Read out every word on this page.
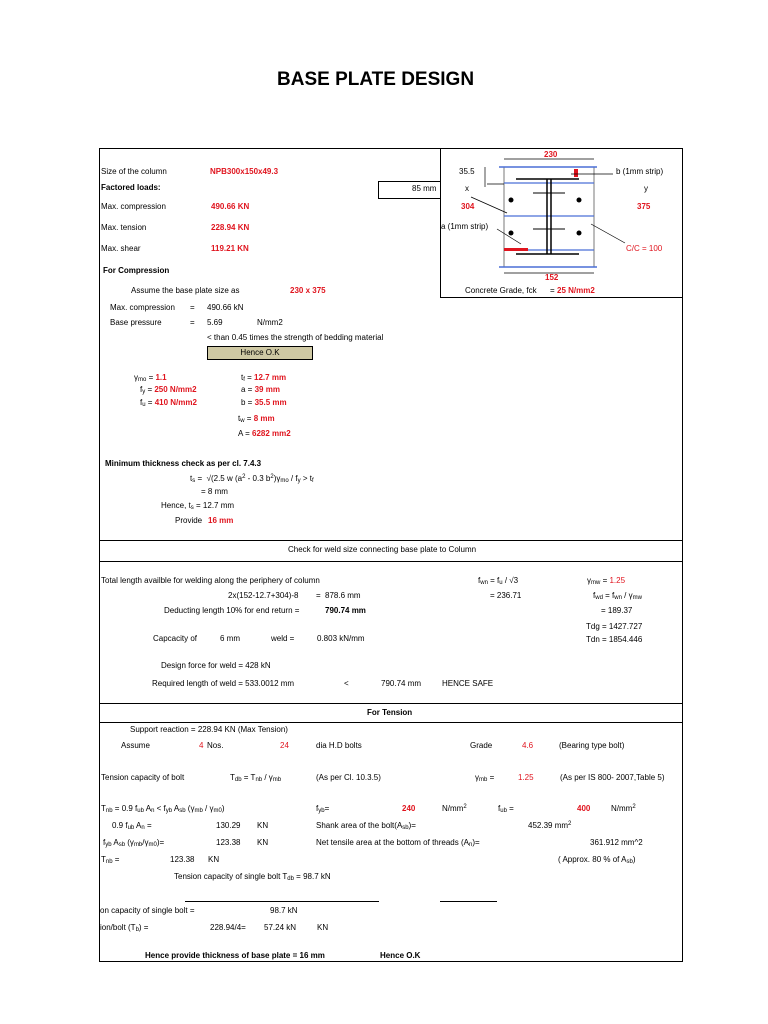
BASE PLATE DESIGN
Size of the column	NPB300x150x49.3
Factored loads:	85 mm
Max. compression	490.66 KN
Max. tension	228.94 KN
Max. shear	119.21 KN
230
35.5	b (1mm strip)
x	y
304	375
a (1mm strip)
C/C = 100
152
Concrete Grade, fck = 25 N/mm2
For Compression
Assume the base plate size as	230 x 375
Max. compression = 490.66 kN
Base pressure	= 5.69	N/mm2
< than 0.45 times the strength of bedding material
Hence O.K
$\gamma_{mo} = 1.1$
$f_y = 250$ N/mm2
$f_u = 410$ N/mm2
$t_f = 12.7$ mm
a = 39 mm
b = 35.5 mm
$t_w = 8$ mm
A = 6282 mm2
Minimum thickness check as per cl. 7.4.3
$t_s = √(2.5$ w ($a^2 - 0.3$ $b^2)\gamma_{mo} / f_y > t_f$
= 8 mm
Hence, $t_s = 12.7$ mm
Provide 16 mm
Check for weld size connecting base plate to Column
Total length availble for welding along the periphery of column
2x(152-12.7+304)-8 = 878.6 mm
Deducting length 10% for end return =	790.74 mm
Capcacity of	6 mm	weld =	0.803 kN/mm
$f_{wn} = f_u / √3$
= 236.71
$\gamma_{mw} = 1.25$
$f_{wd} = f_{wn} / \gamma_{mw}$
= 189.37
Tdg = 1427.727
Tdn = 1854.446
Design force for weld = 428 kN
Required length of weld = 533.0012 mm	<	790.74 mm	HENCE SAFE
For Tension
Support reaction = 228.94 KN (Max Tension)
Assume	4 Nos.	24	dia H.D bolts	Grade	4.6	(Bearing type bolt)
Tension capacity of bolt	$T_{db} = T_{nb} / \gamma_{mb}$	(As per Cl. 10.3.5)	$\gamma_{mb}$ =	1.25	(As per IS 800- 2007,Table 5)
$T_{nb} = 0.9$ $f_{ub}$ $A_n < f_{yb}$ $A_{sb}$ $(\gamma_{mb} / \gamma_{m0})$	$f_{yb}=$	240	$N/mm^2$	$f_{ub}$ =	400	$N/mm^2$
0.9 $f_{ub}$ $A_n$ =	130.29 KN	Shank area of the $bolt(A_{sb})=$	452.39 $mm^2$
$f_{yb}$ $A_{sb}$ $(\gamma_{mb}/\gamma_{m0})=$	123.38 KN	Net tensile area at the bottom of threads $(A_n)=$	361.912 mm^2
$T_{nb}$ =	123.38 KN	( Approx. 80 % of $A_{sb}$)
Tension capacity of single bolt $T_{db} = 98.7$ kN
on capacity of single bolt =	98.7 kN
ion/bolt $(T_b)$ =	228.94/4= 57.24 kN	KN
Hence provide thickness of base plate = 16 mm	Hence O.K
